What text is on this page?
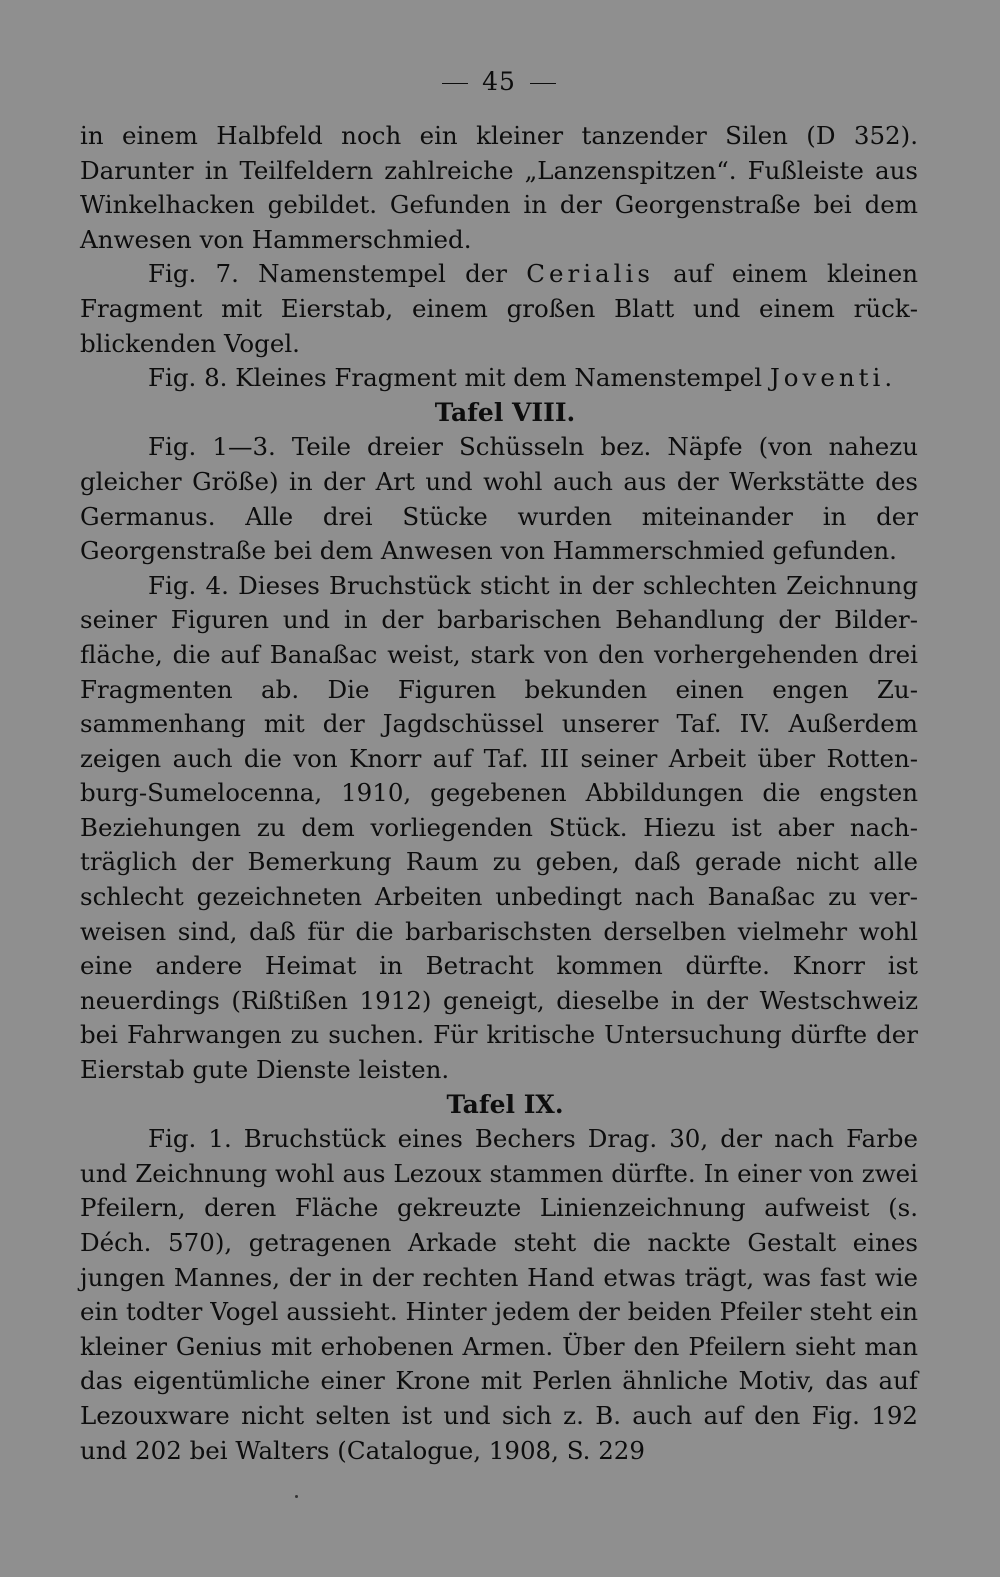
45

in einem Halbfeld noch ein kleiner tanzender Silen (D 352). Darunter in Teilfeldern zahlreiche „Lanzenspitzen“. Fußleiste aus Winkelhacken gebildet. Gefunden in der Georgenstraße bei dem Anwesen von Hammerschmied.

Fig. 7. Namenstempel der Cerialis auf einem kleinen Fragment mit Eierstab, einem großen Blatt und einem rückblickenden Vogel.

Fig. 8. Kleines Fragment mit dem Namenstempel Joventi.

Tafel VIII.

Fig. 1—3. Teile dreier Schüsseln bez. Näpfe (von nahezu gleicher Größe) in der Art und wohl auch aus der Werkstätte des Germanus. Alle drei Stücke wurden miteinander in der Georgenstraße bei dem Anwesen von Hammerschmied gefunden.

Fig. 4. Dieses Bruchstück sticht in der schlechten Zeichnung seiner Figuren und in der barbarischen Behandlung der Bilderfläche, die auf Banaßac weist, stark von den vorhergehenden drei Fragmenten ab. Die Figuren bekunden einen engen Zusammenhang mit der Jagdschüssel unserer Taf. IV. Außerdem zeigen auch die von Knorr auf Taf. III seiner Arbeit über Rottenburg-Sumelocenna, 1910, gegebenen Abbildungen die engsten Beziehungen zu dem vorliegenden Stück. Hiezu ist aber nachträglich der Bemerkung Raum zu geben, daß gerade nicht alle schlecht gezeichneten Arbeiten unbedingt nach Banaßac zu verweisen sind, daß für die barbarischsten derselben vielmehr wohl eine andere Heimat in Betracht kommen dürfte. Knorr ist neuerdings (Rißtißen 1912) geneigt, dieselbe in der Westschweiz bei Fahrwangen zu suchen. Für kritische Untersuchung dürfte der Eierstab gute Dienste leisten.

Tafel IX.

Fig. 1. Bruchstück eines Bechers Drag. 30, der nach Farbe und Zeichnung wohl aus Lezoux stammen dürfte. In einer von zwei Pfeilern, deren Fläche gekreuzte Linienzeichnung aufweist (s. Déch. 570), getragenen Arkade steht die nackte Gestalt eines jungen Mannes, der in der rechten Hand etwas trägt, was fast wie ein todter Vogel aussieht. Hinter jedem der beiden Pfeiler steht ein kleiner Genius mit erhobenen Armen. Über den Pfeilern sieht man das eigentümliche einer Krone mit Perlen ähnliche Motiv, das auf Lezouxware nicht selten ist und sich z. B. auch auf den Fig. 192 und 202 bei Walters (Catalogue, 1908, S. 229
